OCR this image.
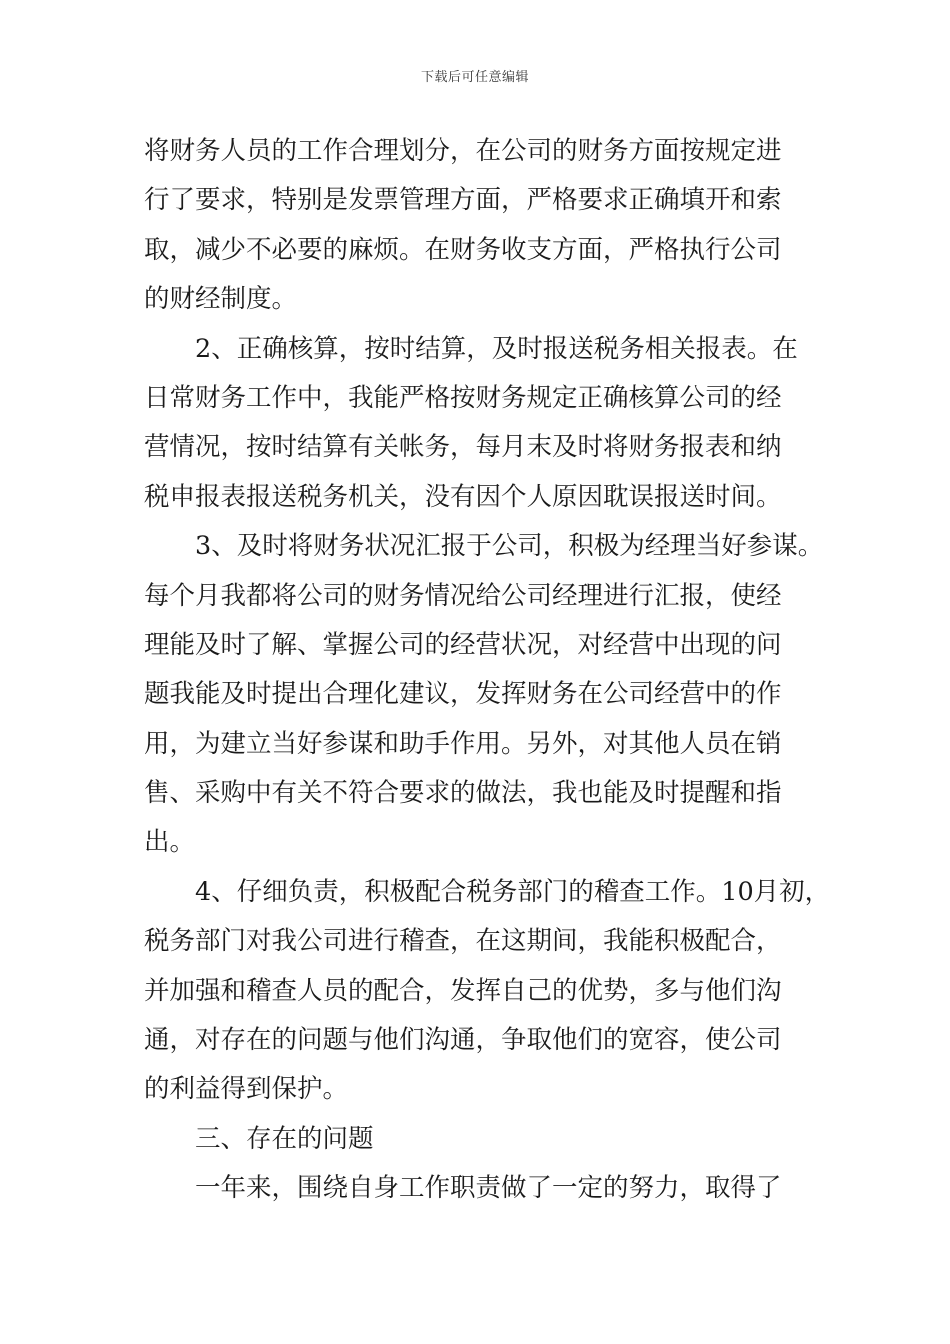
下载后可任意编辑
将财务人员的工作合理划分，在公司的财务方面按规定进
行了要求，特别是发票管理方面，严格要求正确填开和索
取，减少不必要的麻烦。在财务收支方面，严格执行公司
的财经制度。
2、正确核算，按时结算，及时报送税务相关报表。在
日常财务工作中，我能严格按财务规定正确核算公司的经
营情况，按时结算有关帐务，每月末及时将财务报表和纳
税申报表报送税务机关，没有因个人原因耽误报送时间。
3、及时将财务状况汇报于公司，积极为经理当好参谋。
每个月我都将公司的财务情况给公司经理进行汇报，使经
理能及时了解、掌握公司的经营状况，对经营中出现的问
题我能及时提出合理化建议，发挥财务在公司经营中的作
用，为建立当好参谋和助手作用。另外，对其他人员在销
售、采购中有关不符合要求的做法，我也能及时提醒和指
出。
4、仔细负责，积极配合税务部门的稽查工作。10月初，
税务部门对我公司进行稽查，在这期间，我能积极配合，
并加强和稽查人员的配合，发挥自己的优势，多与他们沟
通，对存在的问题与他们沟通，争取他们的宽容，使公司
的利益得到保护。
三、存在的问题
一年来，围绕自身工作职责做了一定的努力，取得了
